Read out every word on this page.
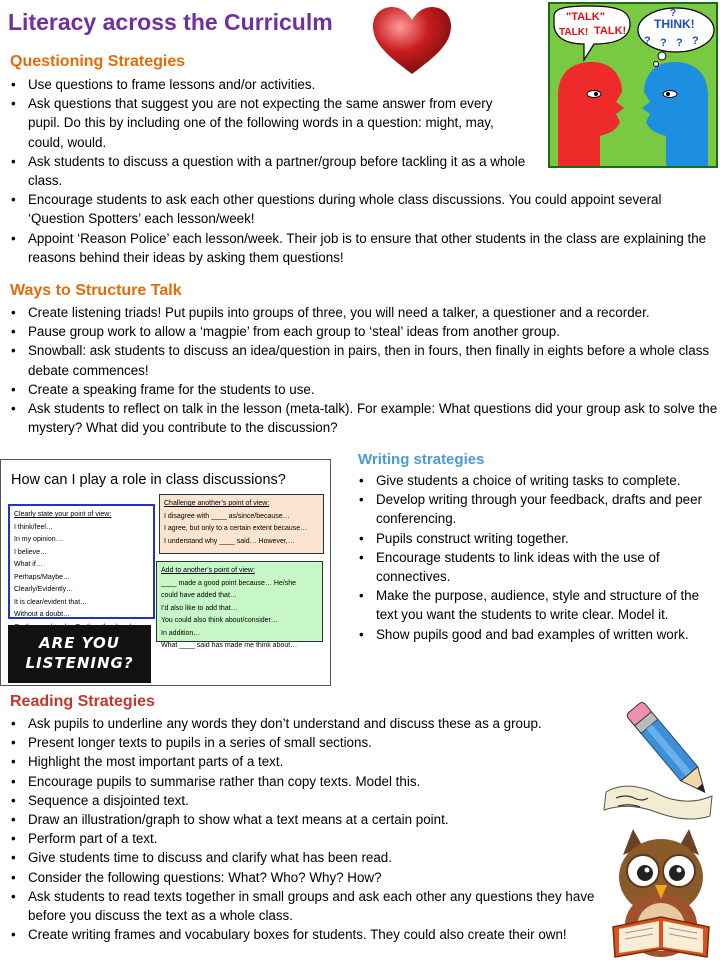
Literacy across the Curriculm	"TALK"
TALK! TALK! THINK!
? ? ? ?
?
Questioning Strategies
• Use questions to frame lessons and/or activities.
• Ask questions that suggest you are not expecting the same answer from every pupil. Do this by including one of the following words in a question: might, may, could, would.
• Ask students to discuss a question with a partner/group before tackling it as a whole class.
• Encourage students to ask each other questions during whole class discussions. You could appoint several ‘Question Spotters’ each lesson/week!
• Appoint ‘Reason Police’ each lesson/week. Their job is to ensure that other students in the class are explaining the reasons behind their ideas by asking them questions!
Ways to Structure Talk
• Create listening triads! Put pupils into groups of three, you will need a talker, a questioner and a recorder.
• Pause group work to allow a ‘magpie’ from each group to ‘steal’ ideas from another group.
• Snowball: ask students to discuss an idea/question in pairs, then in fours, then finally in eights before a whole class debate commences!
• Create a speaking frame for the students to use.
• Ask students to reflect on talk in the lesson (meta-talk). For example: What questions did your group ask to solve the mystery? What did you contribute to the discussion?
How can I play a role in class discussions?
Clearly state your point of view:
I think/feel…
In my opinion…
I believe…
What if…
Perhaps/Maybe…
Clearly/Evidently…
It is clear/evident that…
Without a doubt…
Challenge another’s point of view:
I disagree with ____ as/since/because…
I agree, but only to a certain extent because…
I understand why ____ said… However,…
Add to another’s point of view:
____ made a good point because… He/she
could have added that…
I’d also like to add that…
You could also think about/consider…
In addition…
What ____ said has made me think about…
ARE YOU LISTENING?
Writing strategies
• Give students a choice of writing tasks to complete.
• Develop writing through your feedback, drafts and peer conferencing.
• Pupils construct writing together.
• Encourage students to link ideas with the use of connectives.
• Make the purpose, audience, style and structure of the text you want the students to write clear. Model it.
• Show pupils good and bad examples of written work.
Reading Strategies
• Ask pupils to underline any words they don’t understand and discuss these as a group.
• Present longer texts to pupils in a series of small sections.
• Highlight the most important parts of a text.
• Encourage pupils to summarise rather than copy texts. Model this.
• Sequence a disjointed text.
• Draw an illustration/graph to show what a text means at a certain point.
• Perform part of a text.
• Give students time to discuss and clarify what has been read.
• Consider the following questions: What? Who? Why? How?
• Ask students to read texts together in small groups and ask each other any questions they have before you discuss the text as a whole class.
• Create writing frames and vocabulary boxes for students. They could also create their own!
